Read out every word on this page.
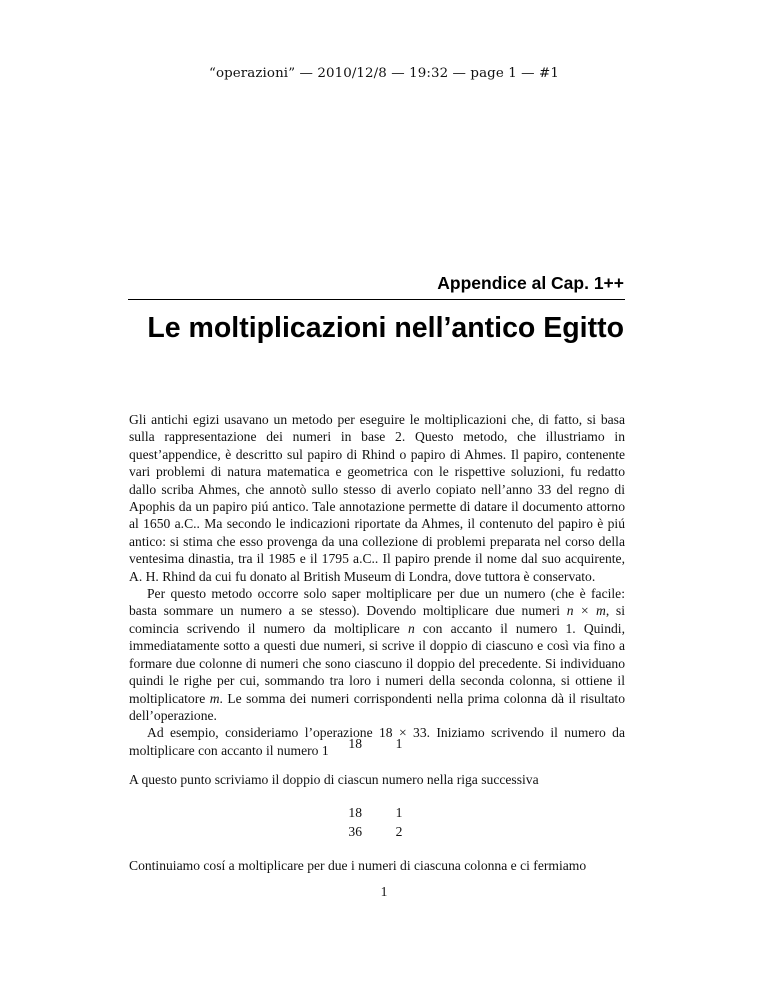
“operazioni” — 2010/12/8 — 19:32 — page 1 — #1
Appendice al Cap. 1++
Le moltiplicazioni nell’antico Egitto

Gli antichi egizi usavano un metodo per eseguire le moltiplicazioni che, di fatto, si basa sulla rappresentazione dei numeri in base 2. Questo metodo, che illustriamo in quest’appendice, è descritto sul papiro di Rhind o papiro di Ahmes. Il papiro, contenente vari problemi di natura matematica e geometrica con le rispettive soluzioni, fu redatto dallo scriba Ahmes, che annotò sullo stesso di averlo copiato nell’anno 33 del regno di Apophis da un papiro piú antico. Tale annotazione permette di datare il documento attorno al 1650 a.C.. Ma secondo le indicazioni riportate da Ahmes, il contenuto del papiro è piú antico: si stima che esso provenga da una collezione di problemi preparata nel corso della ventesima dinastia, tra il 1985 e il 1795 a.C.. Il papiro prende il nome dal suo acquirente, A. H. Rhind da cui fu donato al British Museum di Londra, dove tuttora è conservato.

Per questo metodo occorre solo saper moltiplicare per due un numero (che è facile: basta sommare un numero a se stesso). Dovendo moltiplicare due numeri n × m, si comincia scrivendo il numero da moltiplicare n con accanto il numero 1. Quindi, immediatamente sotto a questi due numeri, si scrive il doppio di ciascuno e così via fino a formare due colonne di numeri che sono ciascuno il doppio del precedente. Si individuano quindi le righe per cui, sommando tra loro i numeri della seconda colonna, si ottiene il moltiplicatore m. Le somma dei numeri corrispondenti nella prima colonna dà il risultato dell’operazione.

Ad esempio, consideriamo l’operazione 18 × 33. Iniziamo scrivendo il numero da moltiplicare con accanto il numero 1	18 1
A questo punto scriviamo il doppio di ciascun numero nella riga successiva
18 1
36 2
Continuiamo cosí a moltiplicare per due i numeri di ciascuna colonna e ci fermiamo
1
